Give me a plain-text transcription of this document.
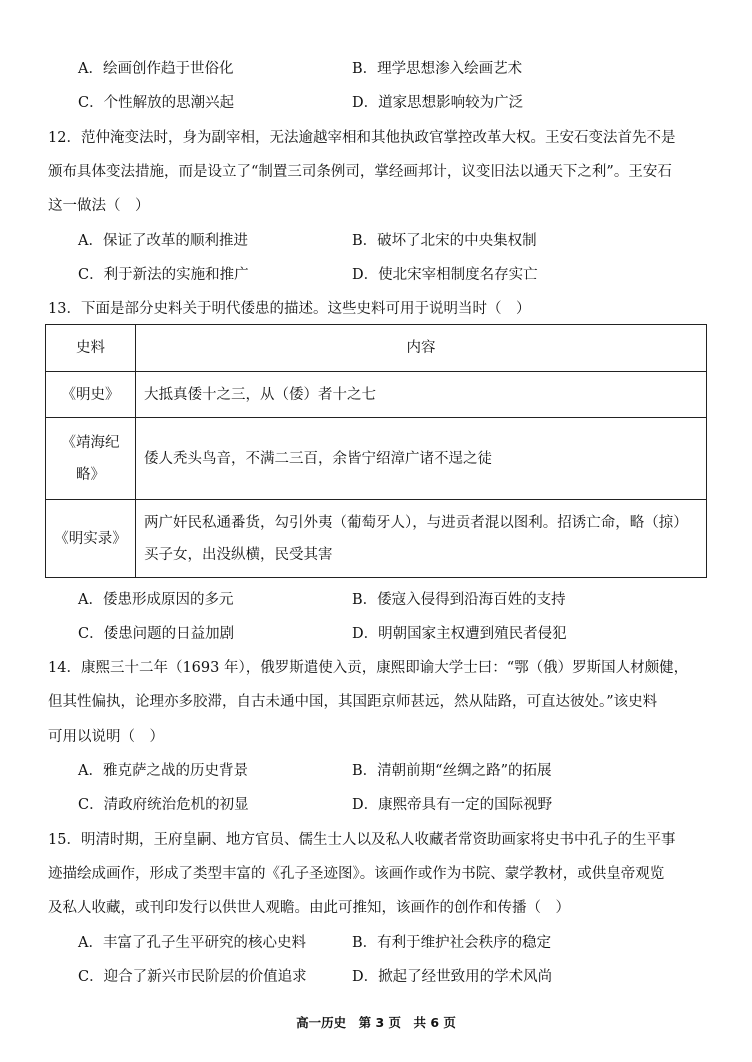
A．绘画创作趋于世俗化	B．理学思想渗入绘画艺术
C．个性解放的思潮兴起	D．道家思想影响较为广泛
12．范仲淹变法时，身为副宰相，无法逾越宰相和其他执政官掌控改革大权。王安石变法首先不是
颁布具体变法措施，而是设立了“制置三司条例司，掌经画邦计，议变旧法以通天下之利”。王安石
这一做法（　）
A．保证了改革的顺利推进	B．破坏了北宋的中央集权制
C．利于新法的实施和推广	D．使北宋宰相制度名存实亡
13．下面是部分史料关于明代倭患的描述。这些史料可用于说明当时（　）
史料	内容
《明史》	大抵真倭十之三，从（倭）者十之七
《靖海纪略》	倭人秃头鸟音，不满二三百，余皆宁绍漳广诸不逞之徒
《明实录》	两广奸民私通番货，勾引外夷（葡萄牙人），与进贡者混以图利。招诱亡命，略（掠）买子女，出没纵横，民受其害
A．倭患形成原因的多元	B．倭寇入侵得到沿海百姓的支持
C．倭患问题的日益加剧	D．明朝国家主权遭到殖民者侵犯
14．康熙三十二年（1693 年），俄罗斯遣使入贡，康熙即谕大学士曰：“鄂（俄）罗斯国人材颇健，
但其性偏执，论理亦多胶滞，自古未通中国，其国距京师甚远，然从陆路，可直达彼处。”该史料
可用以说明（　）
A．雅克萨之战的历史背景	B．清朝前期“丝绸之路”的拓展
C．清政府统治危机的初显	D．康熙帝具有一定的国际视野
15．明清时期，王府皇嗣、地方官员、儒生士人以及私人收藏者常资助画家将史书中孔子的生平事
迹描绘成画作，形成了类型丰富的《孔子圣迹图》。该画作或作为书院、蒙学教材，或供皇帝观览
及私人收藏，或刊印发行以供世人观瞻。由此可推知，该画作的创作和传播（　）
A．丰富了孔子生平研究的核心史料	B．有利于维护社会秩序的稳定
C．迎合了新兴市民阶层的价值追求	D．掀起了经世致用的学术风尚
高一历史　第 3 页　共 6 页
